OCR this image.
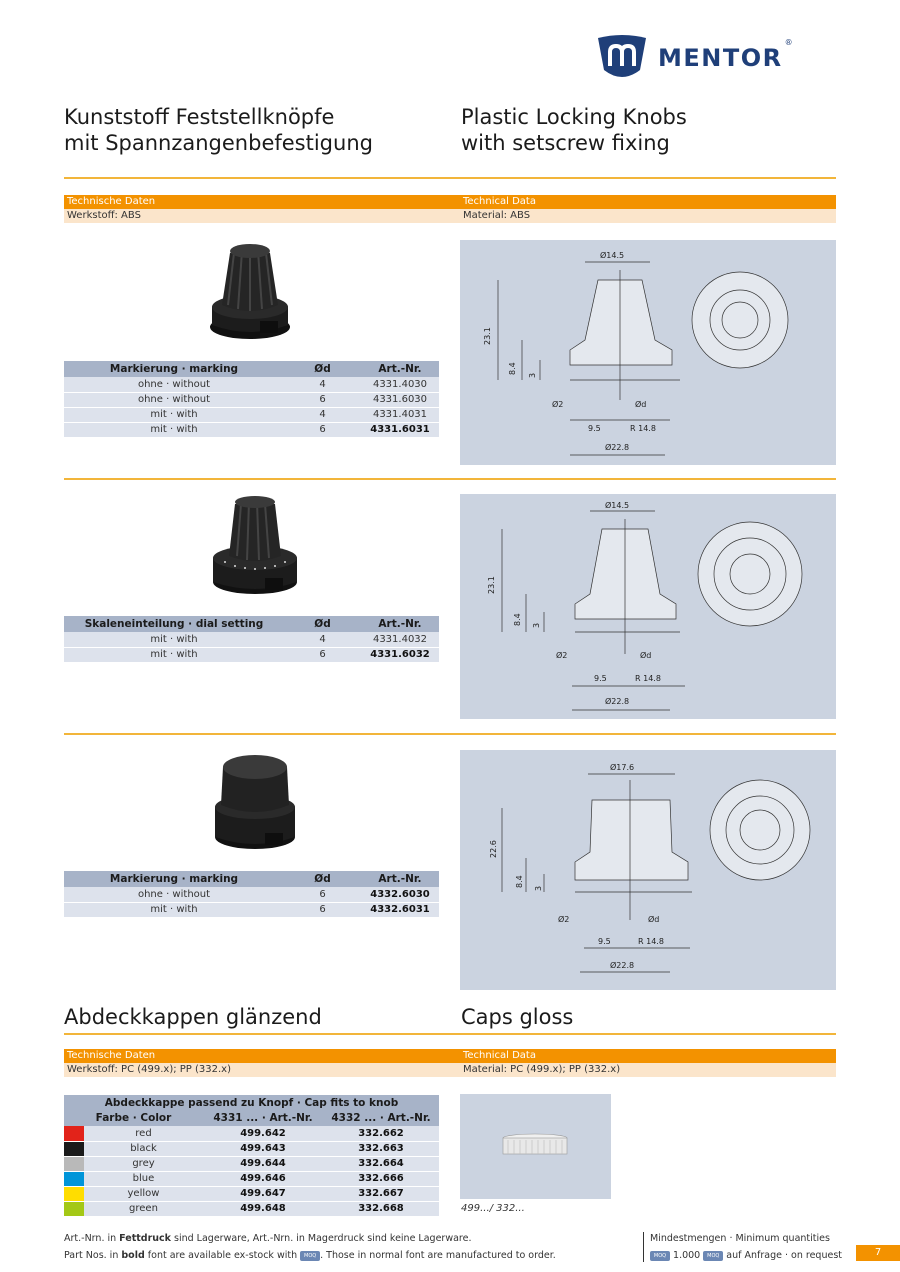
MENTOR
®
Kunststoff Feststellknöpfe
mit Spannzangenbefestigung
Plastic Locking Knobs
with setscrew fixing
Technische Daten	Technical Data
Werkstoff: ABS	Material: ABS
Markierung · marking	Ød	Art.-Nr.
ohne · without	4	4331.4030
ohne · without	6	4331.6030
mit · with	4	4331.4031
mit · with	6	4331.6031
Ø14.5
23.1
8.4
3
Ø2	Ød
9.5	R 14.8
Ø22.8
Skaleneinteilung · dial setting	Ød	Art.-Nr.
mit · with	4	4331.4032
mit · with	6	4331.6032
Ø14.5
23.1
8.4 3
Ø2	Ød
9.5	R 14.8
Ø22.8
Markierung · marking	Ød	Art.-Nr.
ohne · without	6	4332.6030
mit · with	6	4332.6031
Ø17.6
22.6
8.4
3
Ø2	Ød
9.5	R 14.8
Ø22.8
Abdeckkappen glänzend	Caps gloss
Technische Daten	Technical Data
Werkstoff: PC (499.x); PP (332.x)	Material: PC (499.x); PP (332.x)
Abdeckkappe passend zu Knopf · Cap fits to knob			
Farbe · Color		4331 ... · Art.-Nr.	4332 ... · Art.-Nr.
	red	499.642	332.662
	black	499.643	332.663
	grey	499.644	332.664
	blue	499.646	332.666
	yellow	499.647	332.667
	green	499.648	332.668	499.../ 332...
Art.-Nrn. in Fettdruck sind Lagerware, Art.-Nrn. in Magerdruck sind keine Lagerware.
Part Nos. in bold font are available ex-stock with MOQ . Those in normal font are manufactured to order.
Mindestmengen · Minimum quantities
MOQ 1.000 MOQ auf Anfrage · on request	7
